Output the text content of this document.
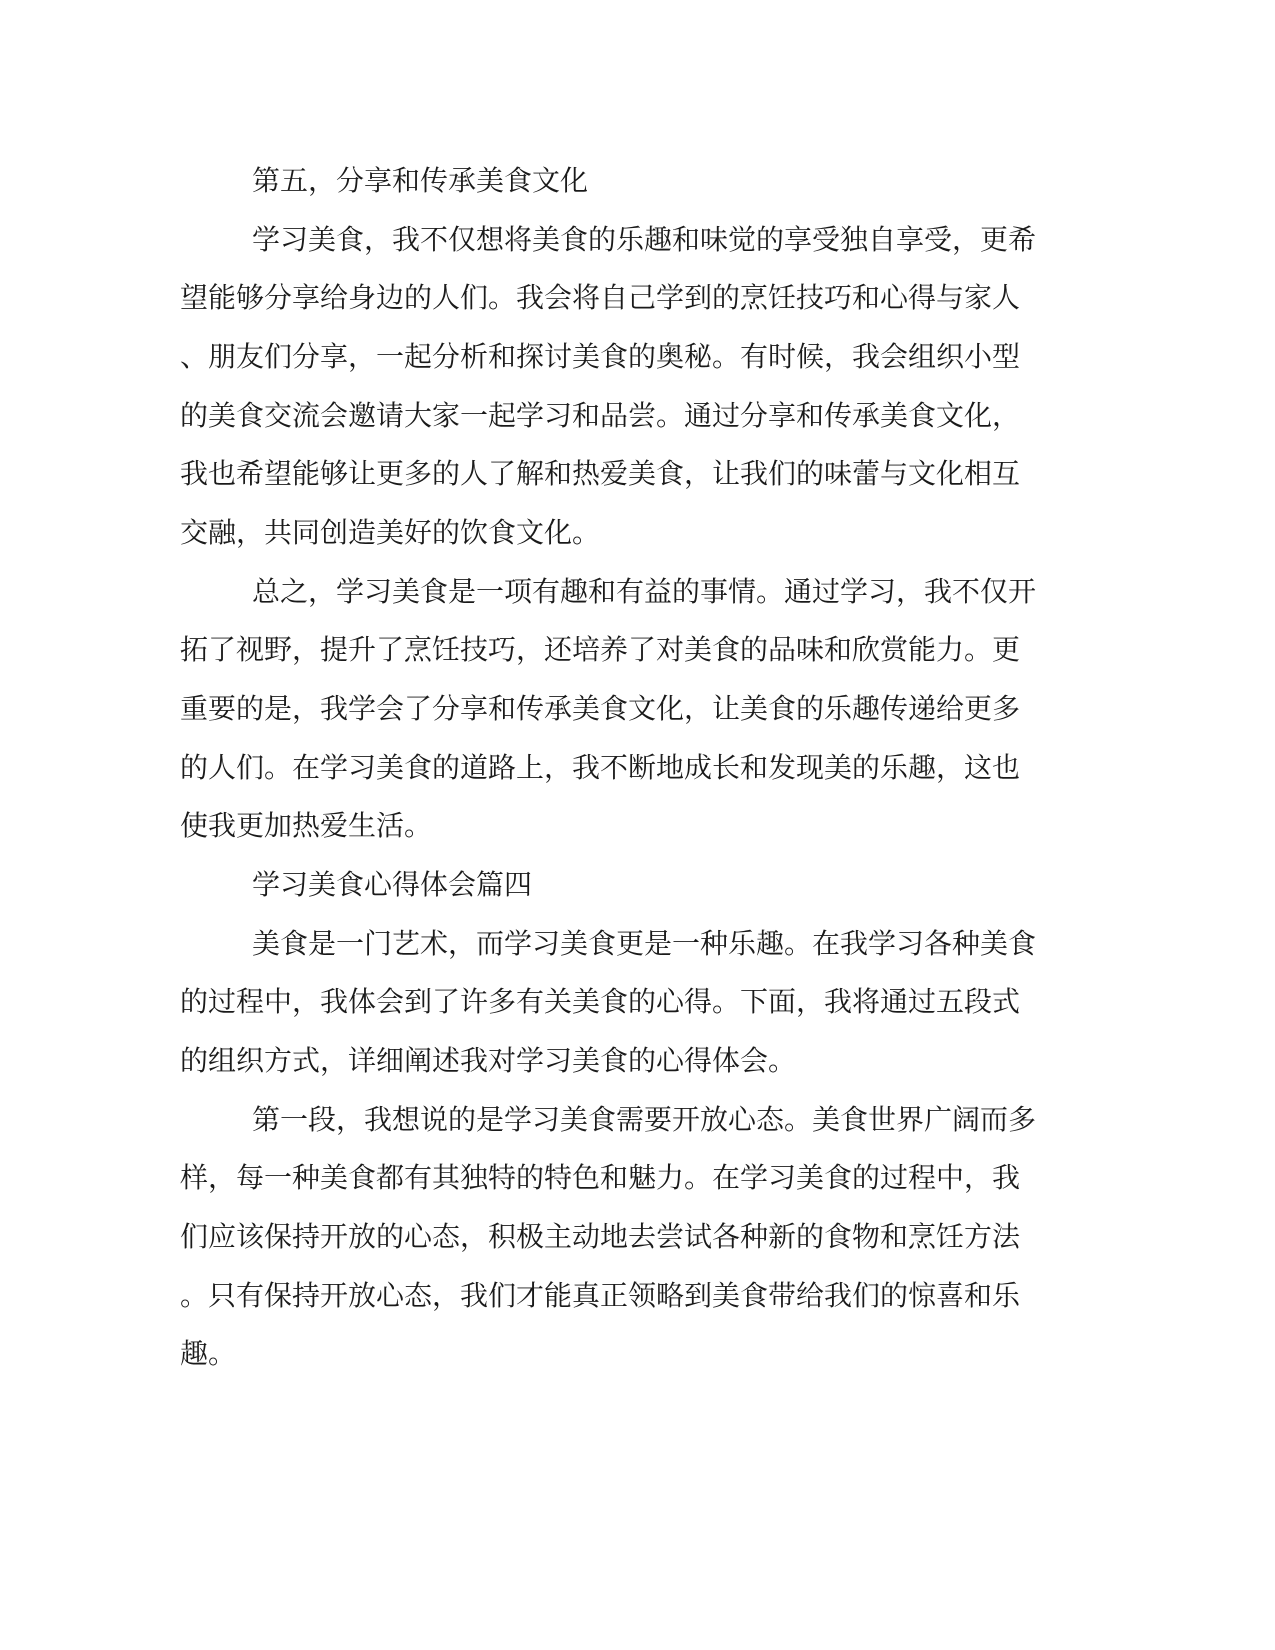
第五，分享和传承美食文化

学习美食，我不仅想将美食的乐趣和味觉的享受独自享受，更希

望能够分享给身边的人们。我会将自己学到的烹饪技巧和心得与家人

、朋友们分享，一起分析和探讨美食的奥秘。有时候，我会组织小型

的美食交流会邀请大家一起学习和品尝。通过分享和传承美食文化，

我也希望能够让更多的人了解和热爱美食，让我们的味蕾与文化相互

交融，共同创造美好的饮食文化。

总之，学习美食是一项有趣和有益的事情。通过学习，我不仅开

拓了视野，提升了烹饪技巧，还培养了对美食的品味和欣赏能力。更

重要的是，我学会了分享和传承美食文化，让美食的乐趣传递给更多

的人们。在学习美食的道路上，我不断地成长和发现美的乐趣，这也

使我更加热爱生活。

学习美食心得体会篇四

美食是一门艺术，而学习美食更是一种乐趣。在我学习各种美食

的过程中，我体会到了许多有关美食的心得。下面，我将通过五段式

的组织方式，详细阐述我对学习美食的心得体会。

第一段，我想说的是学习美食需要开放心态。美食世界广阔而多

样，每一种美食都有其独特的特色和魅力。在学习美食的过程中，我

们应该保持开放的心态，积极主动地去尝试各种新的食物和烹饪方法

。只有保持开放心态，我们才能真正领略到美食带给我们的惊喜和乐

趣。
